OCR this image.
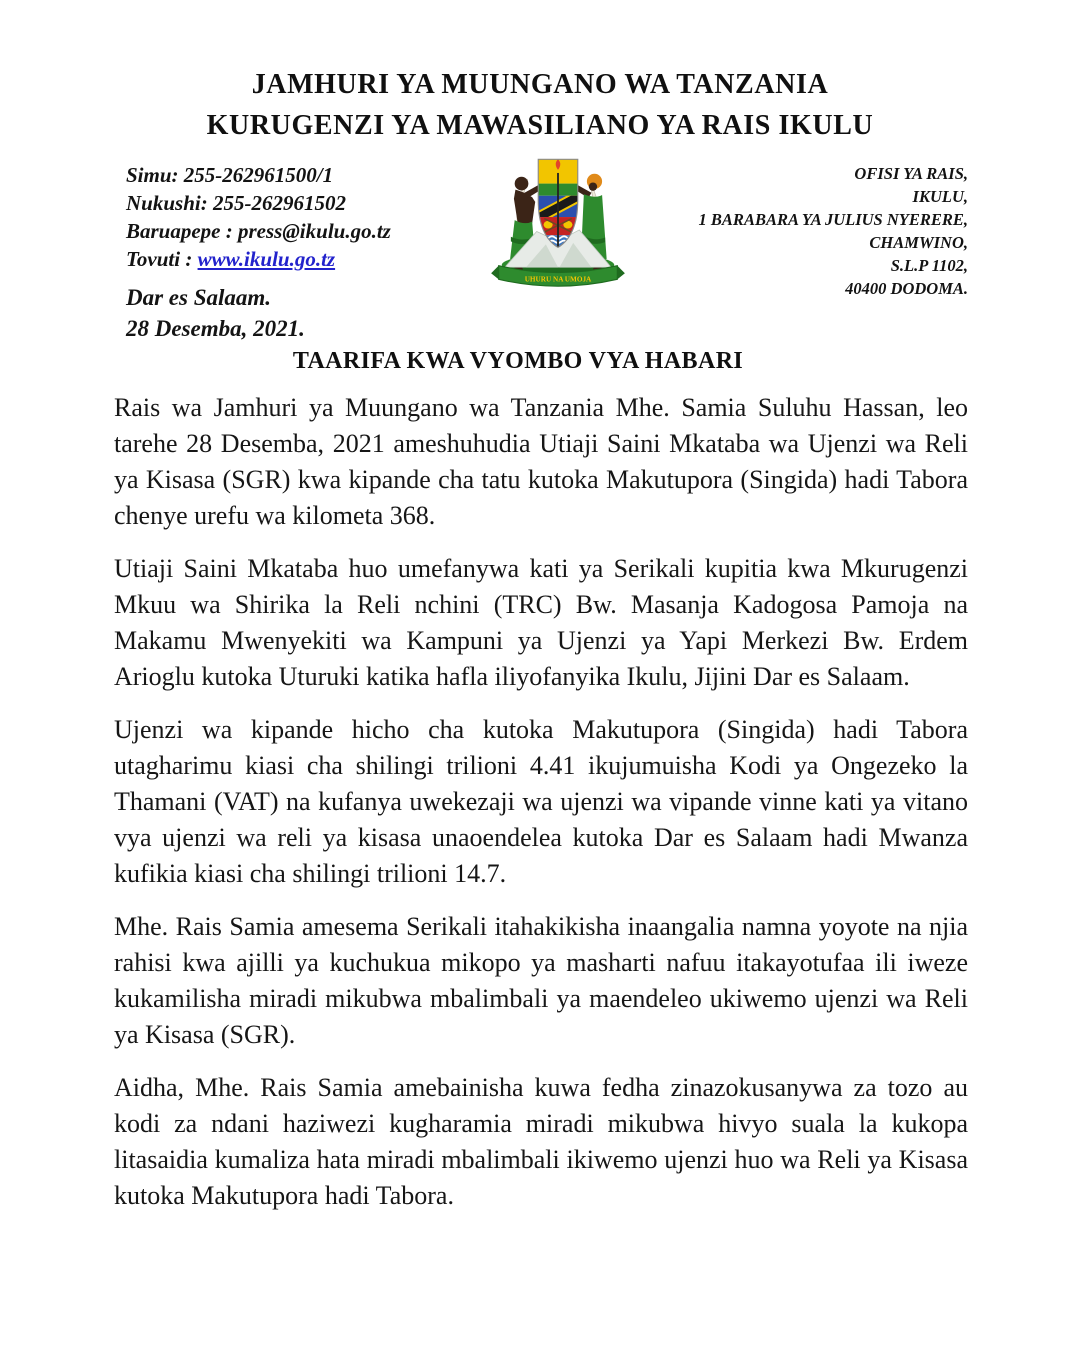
JAMHURI YA MUUNGANO WA TANZANIA
KURUGENZI YA MAWASILIANO YA RAIS IKULU
Simu: 255-262961500/1
Nukushi: 255-262961502
Baruapepe : press@ikulu.go.tz
Tovuti : www.ikulu.go.tz
UHURU NA UMOJA
OFISI YA RAIS,
IKULU,
1 BARABARA YA JULIUS NYERERE,
CHAMWINO,
S.L.P 1102,
40400 DODOMA.
Dar es Salaam.
28 Desemba, 2021.
TAARIFA KWA VYOMBO VYA HABARI

Rais wa Jamhuri ya Muungano wa Tanzania Mhe. Samia Suluhu Hassan, leo tarehe 28 Desemba, 2021 ameshuhudia Utiaji Saini Mkataba wa Ujenzi wa Reli ya Kisasa (SGR) kwa kipande cha tatu kutoka Makutupora (Singida) hadi Tabora chenye urefu wa kilometa 368.

Utiaji Saini Mkataba huo umefanywa kati ya Serikali kupitia kwa Mkurugenzi Mkuu wa Shirika la Reli nchini (TRC) Bw. Masanja Kadogosa Pamoja na Makamu Mwenyekiti wa Kampuni ya Ujenzi ya Yapi Merkezi Bw. Erdem Arioglu kutoka Uturuki katika hafla iliyofanyika Ikulu, Jijini Dar es Salaam.

Ujenzi wa kipande hicho cha kutoka Makutupora (Singida) hadi Tabora utagharimu kiasi cha shilingi trilioni 4.41 ikujumuisha Kodi ya Ongezeko la Thamani (VAT) na kufanya uwekezaji wa ujenzi wa vipande vinne kati ya vitano vya ujenzi wa reli ya kisasa unaoendelea kutoka Dar es Salaam hadi Mwanza kufikia kiasi cha shilingi trilioni 14.7.

Mhe. Rais Samia amesema Serikali itahakikisha inaangalia namna yoyote na njia rahisi kwa ajilli ya kuchukua mikopo ya masharti nafuu itakayotufaa ili iweze kukamilisha miradi mikubwa mbalimbali ya maendeleo ukiwemo ujenzi wa Reli ya Kisasa (SGR).

Aidha, Mhe. Rais Samia amebainisha kuwa fedha zinazokusanywa za tozo au kodi za ndani haziwezi kugharamia miradi mikubwa hivyo suala la kukopa litasaidia kumaliza hata miradi mbalimbali ikiwemo ujenzi huo wa Reli ya Kisasa kutoka Makutupora hadi Tabora.
